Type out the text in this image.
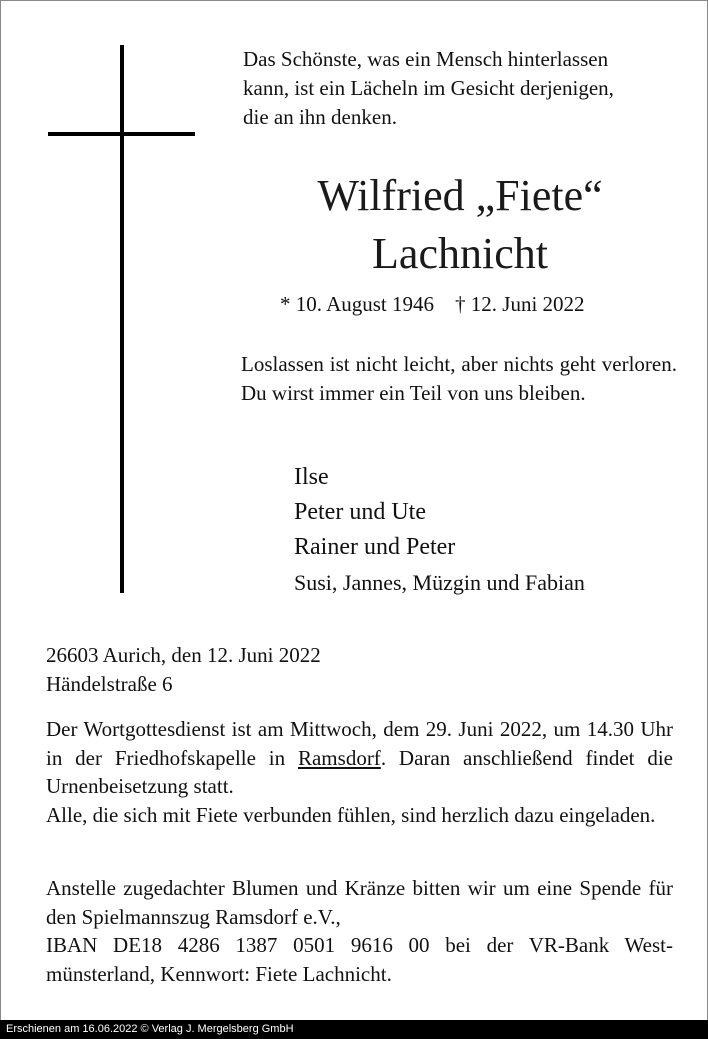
Das Schönste, was ein Mensch hinterlassen
kann, ist ein Lächeln im Gesicht derjenigen,
die an ihn denken.
Wilfried „Fiete“
Lachnicht
* 10. August 1946 † 12. Juni 2022
Loslassen ist nicht leicht, aber nichts geht verloren. Du wirst immer ein Teil von uns bleiben.
Ilse
Peter und Ute
Rainer und Peter
Susi, Jannes, Müzgin und Fabian
26603 Aurich, den 12. Juni 2022
Händelstraße 6

Der Wortgottesdienst ist am Mittwoch, dem 29. Juni 2022, um 14.30 Uhr in der Friedhofskapelle in Ramsdorf. Daran anschließend findet die Urnenbeisetzung statt.

Alle, die sich mit Fiete verbunden fühlen, sind herzlich dazu eingeladen.

Anstelle zugedachter Blumen und Kränze bitten wir um eine Spende für den Spielmannszug Ramsdorf e.V.,

IBAN DE18 4286 1387 0501 9616 00 bei der VR-Bank West-münsterland, Kennwort: Fiete Lachnicht.

Erschienen am 16.06.2022 © Verlag J. Mergelsberg GmbH
